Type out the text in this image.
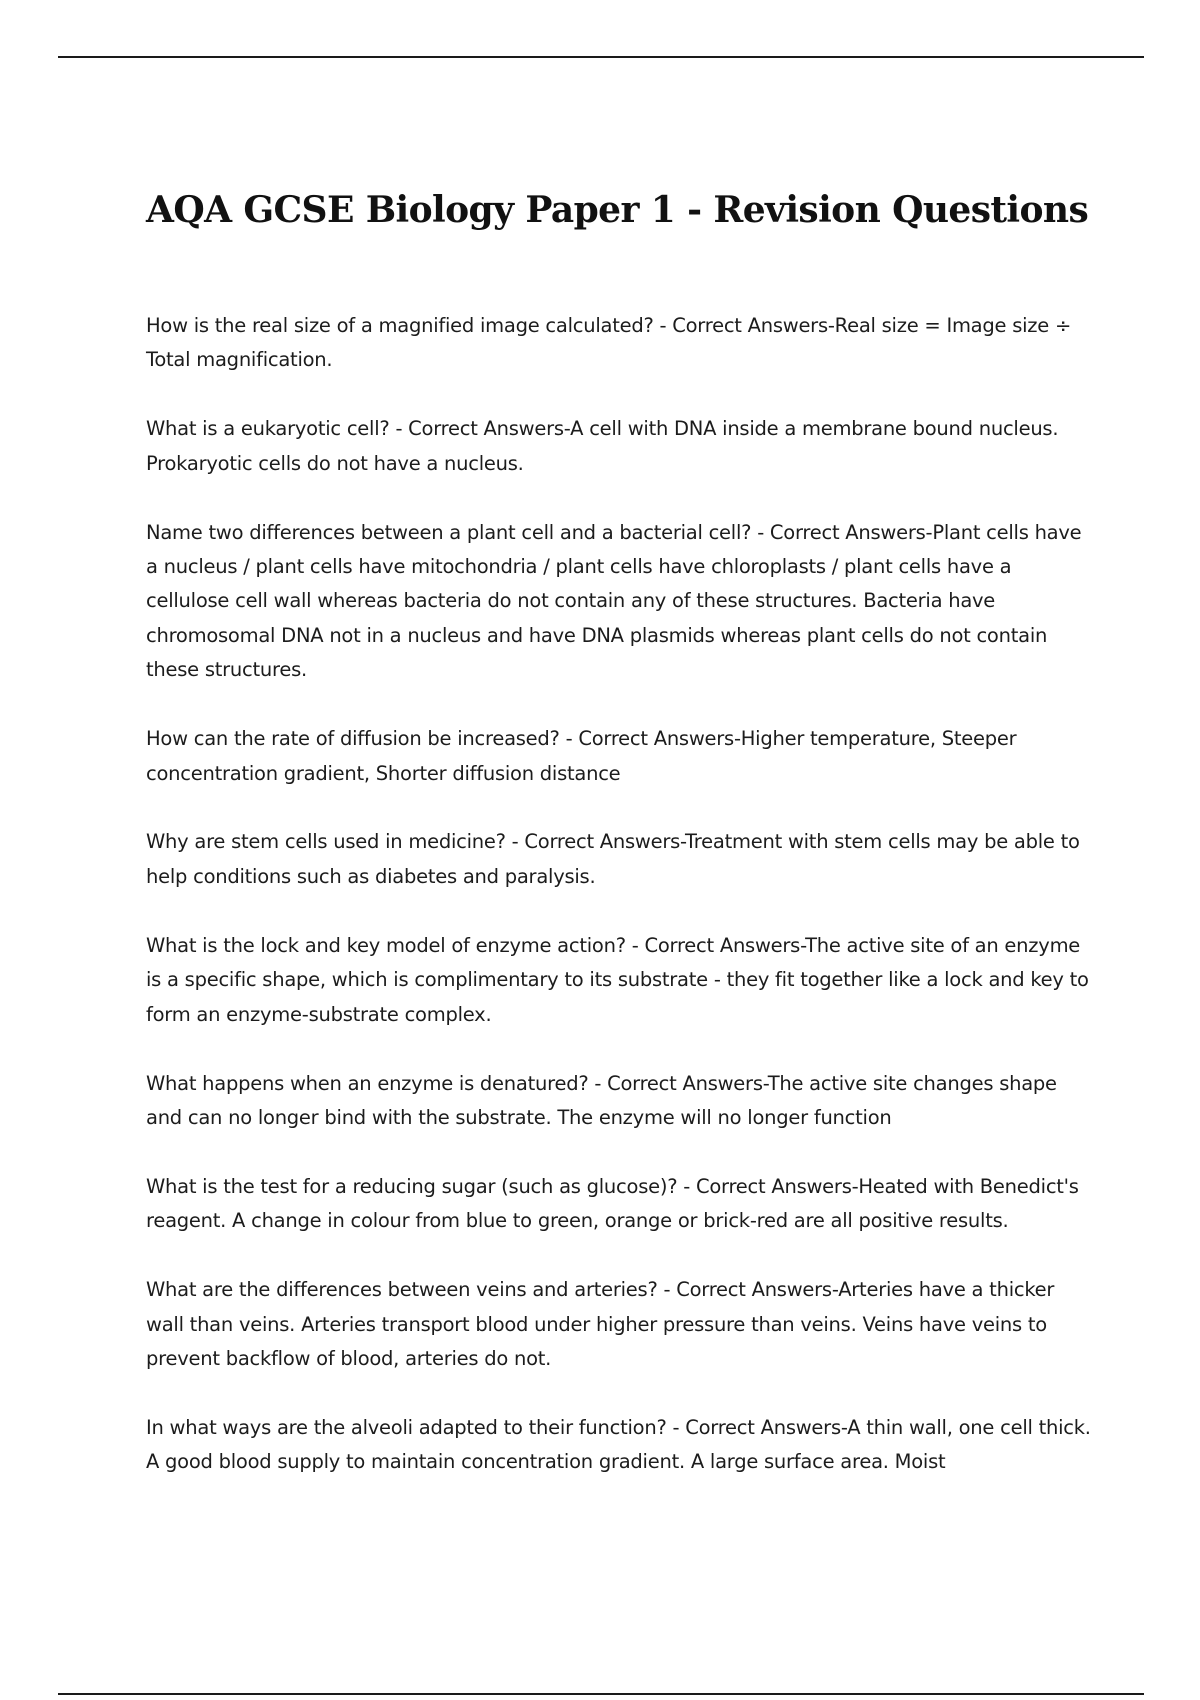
AQA GCSE Biology Paper 1 - Revision Questions
How is the real size of a magnified image calculated? - Correct Answers-Real size = Image size ÷ Total magnification.
What is a eukaryotic cell? - Correct Answers-A cell with DNA inside a membrane bound nucleus. Prokaryotic cells do not have a nucleus.
Name two differences between a plant cell and a bacterial cell? - Correct Answers-Plant cells have a nucleus / plant cells have mitochondria / plant cells have chloroplasts / plant cells have a cellulose cell wall whereas bacteria do not contain any of these structures. Bacteria have chromosomal DNA not in a nucleus and have DNA plasmids whereas plant cells do not contain these structures.
How can the rate of diffusion be increased? - Correct Answers-Higher temperature, Steeper concentration gradient, Shorter diffusion distance
Why are stem cells used in medicine? - Correct Answers-Treatment with stem cells may be able to help conditions such as diabetes and paralysis.
What is the lock and key model of enzyme action? - Correct Answers-The active site of an enzyme is a specific shape, which is complimentary to its substrate - they fit together like a lock and key to form an enzyme-substrate complex.
What happens when an enzyme is denatured? - Correct Answers-The active site changes shape and can no longer bind with the substrate. The enzyme will no longer function
What is the test for a reducing sugar (such as glucose)? - Correct Answers-Heated with Benedict's reagent. A change in colour from blue to green, orange or brick-red are all positive results.
What are the differences between veins and arteries? - Correct Answers-Arteries have a thicker wall than veins. Arteries transport blood under higher pressure than veins. Veins have veins to prevent backflow of blood, arteries do not.
In what ways are the alveoli adapted to their function? - Correct Answers-A thin wall, one cell thick. A good blood supply to maintain concentration gradient. A large surface area. Moist
